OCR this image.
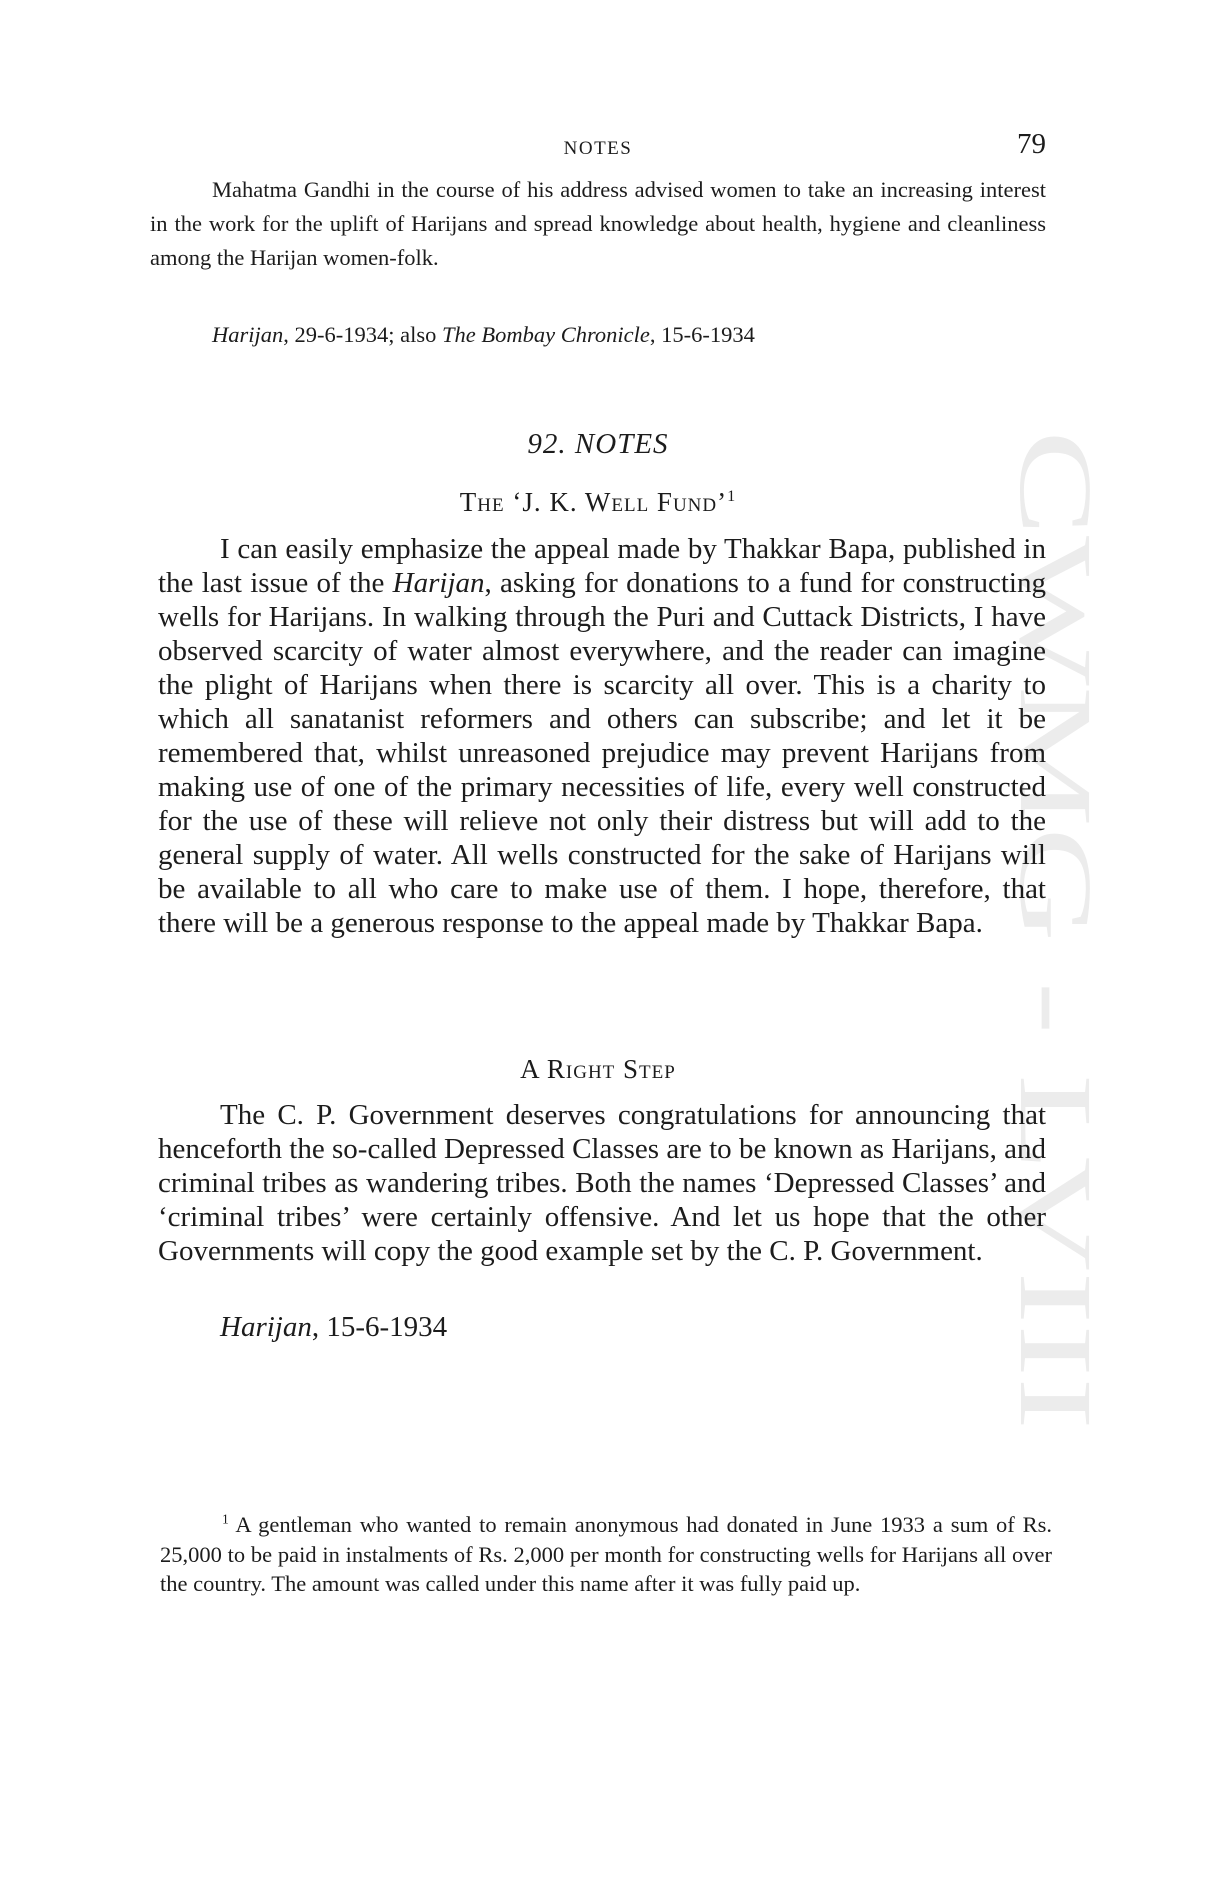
CWMG - LVIII
NOTES	79

Mahatma Gandhi in the course of his address advised women to take an increasing interest in the work for the uplift of Harijans and spread knowledge about health, hygiene and cleanliness among the Harijan women-folk.

Harijan, 29-6-1934; also The Bombay Chronicle, 15-6-1934

92. NOTES
The ‘J. K. Well Fund’$^1$

I can easily emphasize the appeal made by Thakkar Bapa, published in the last issue of the Harijan, asking for donations to a fund for constructing wells for Harijans. In walking through the Puri and Cuttack Districts, I have observed scarcity of water almost everywhere, and the reader can imagine the plight of Harijans when there is scarcity all over. This is a charity to which all sanatanist reformers and others can subscribe; and let it be remembered that, whilst unreasoned prejudice may prevent Harijans from making use of one of the primary necessities of life, every well constructed for the use of these will relieve not only their distress but will add to the general supply of water. All wells constructed for the sake of Harijans will be available to all who care to make use of them. I hope, therefore, that there will be a generous response to the appeal made by Thakkar Bapa.

A Right Step

The C. P. Government deserves congratulations for announcing that henceforth the so-called Depressed Classes are to be known as Harijans, and criminal tribes as wandering tribes. Both the names ‘Depressed Classes’ and ‘criminal tribes’ were certainly offensive. And let us hope that the other Governments will copy the good example set by the C. P. Government.

Harijan, 15-6-1934

$^1$ A gentleman who wanted to remain anonymous had donated in June 1933 a sum of Rs. 25,000 to be paid in instalments of Rs. 2,000 per month for constructing wells for Harijans all over the country. The amount was called under this name after it was fully paid up.
